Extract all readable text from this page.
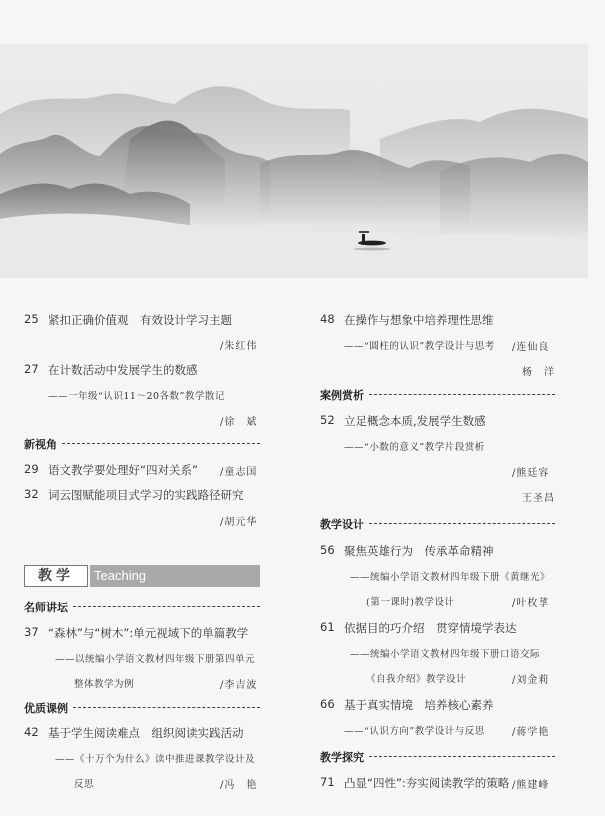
25 紧扣正确价值观　有效设计学习主题
/朱红伟
27 在计数活动中发展学生的数感
——一年级“认识11～20各数”教学散记
/徐　斌
新视角
29 语文教学要处理好“四对关系” /童志国
32 词云图赋能项目式学习的实践路径研究
/胡元华
教学	Teaching
名师讲坛
37 “森林”与“树木”:单元视域下的单篇教学
——以统编小学语文教材四年级下册第四单元
整体教学为例	/李吉波
优质课例
42 基于学生阅读难点　组织阅读实践活动
——《十万个为什么》读中推进课教学设计及
反思	/冯　艳
48 在操作与想象中培养理性思维
——“圆柱的认识”教学设计与思考 /连仙良
杨　洋
案例赏析
52 立足概念本质,发展学生数感
——“小数的意义”教学片段赏析
/熊廷容
王圣昌
教学设计
56 聚焦英雄行为　传承革命精神
——统编小学语文教材四年级下册《黄继光》
(第一课时)教学设计	/叶枚莩
61 依据目的巧介绍　贯穿情境学表达
——统编小学语文教材四年级下册口语交际
《自我介绍》教学设计	/刘金莉
66 基于真实情境　培养核心素养
——“认识方向”教学设计与反思	/蒋学艳
教学探究
71 凸显“四性”:夯实阅读教学的策略 /熊建峰
